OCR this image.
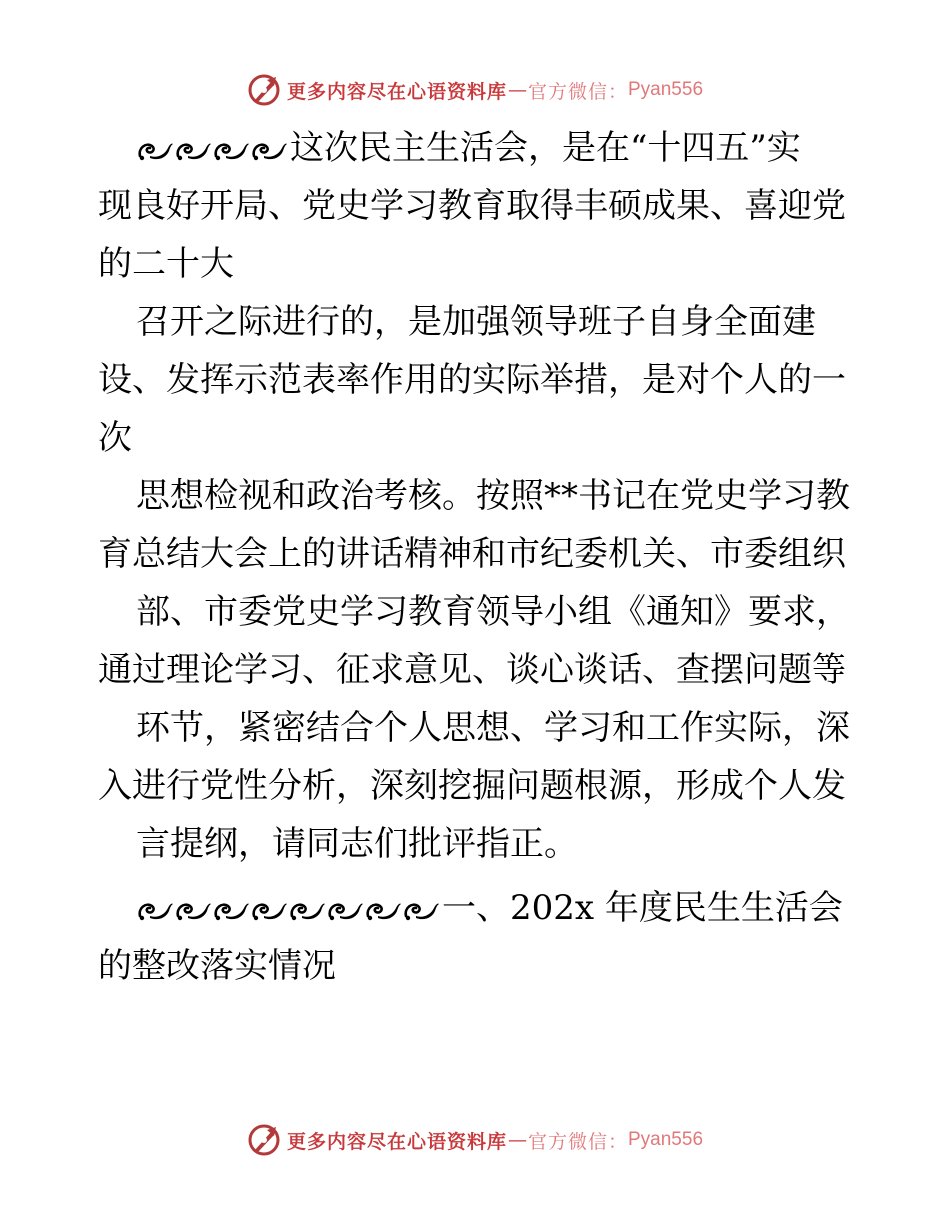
更多内容尽在心语资料库 — 官方微信： Pyan556
这次民主生活会，是在“十四五”实
现良好开局、党史学习教育取得丰硕成果、喜迎党
的二十大
召开之际进行的，是加强领导班子自身全面建
设、发挥示范表率作用的实际举措，是对个人的一
次
思想检视和政治考核。按照**书记在党史学习教
育总结大会上的讲话精神和市纪委机关、市委组织
部、市委党史学习教育领导小组《通知》要求，
通过理论学习、征求意见、谈心谈话、查摆问题等
环节，紧密结合个人思想、学习和工作实际，深
入进行党性分析，深刻挖掘问题根源，形成个人发
言提纲，请同志们批评指正。
一、202x 年度民生生活会
的整改落实情况
更多内容尽在心语资料库 — 官方微信： Pyan556
